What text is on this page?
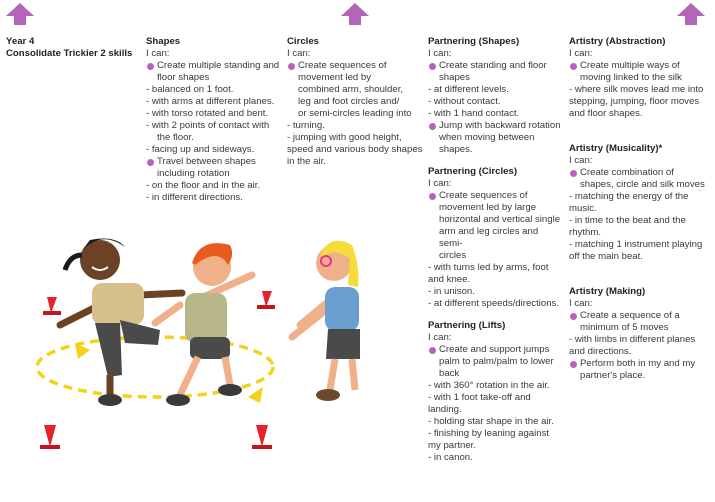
Year 4
Consolidate Trickier 2 skills
Shapes
I can:
Create multiple standing and
floor shapes
- balanced on 1 foot.
- with arms at different planes.
- with torso rotated and bent.
- with 2 points of contact with
the floor.
- facing up and sideways.
Travel between shapes
including rotation
- on the floor and in the air.
- in different directions.
Circles
I can:
Create sequences of
movement led by
combined arm, shoulder,
leg and foot circles and/
or semi-circles leading into
- turning.
- jumping with good height,
speed and various body shapes
in the air.
Partnering (Shapes)
I can:
Create standing and floor
shapes
- at different levels.
- without contact.
- with 1 hand contact.
Jump with backward rotation
when moving between
shapes.
Partnering (Circles)
I can:
Create sequences of
movement led by large
horizontal and vertical single
arm and leg circles and semi-
circles
- with turns led by arms, foot
and knee.
- in unison.
- at different speeds/directions.
Partnering (Lifts)
I can:
Create and support jumps
palm to palm/palm to lower
back
- with 360° rotation in the air.
- with 1 foot take-off and
landing.
- holding star shape in the air.
- finishing by leaning against
my partner.
- in canon.
Artistry (Abstraction)
I can:
Create multiple ways of
moving linked to the silk
- where silk moves lead me into
stepping, jumping, floor moves
and floor shapes.
Artistry (Musicality)*
I can:
Create combination of
shapes, circle and silk moves
- matching the energy of the
music.
- in time to the beat and the
rhythm.
- matching 1 instrument playing
off the main beat.
Artistry (Making)
I can:
Create a sequence of a
minimum of 5 moves
- with limbs in different planes
and directions.
Perform both in my and my
partner's place.
